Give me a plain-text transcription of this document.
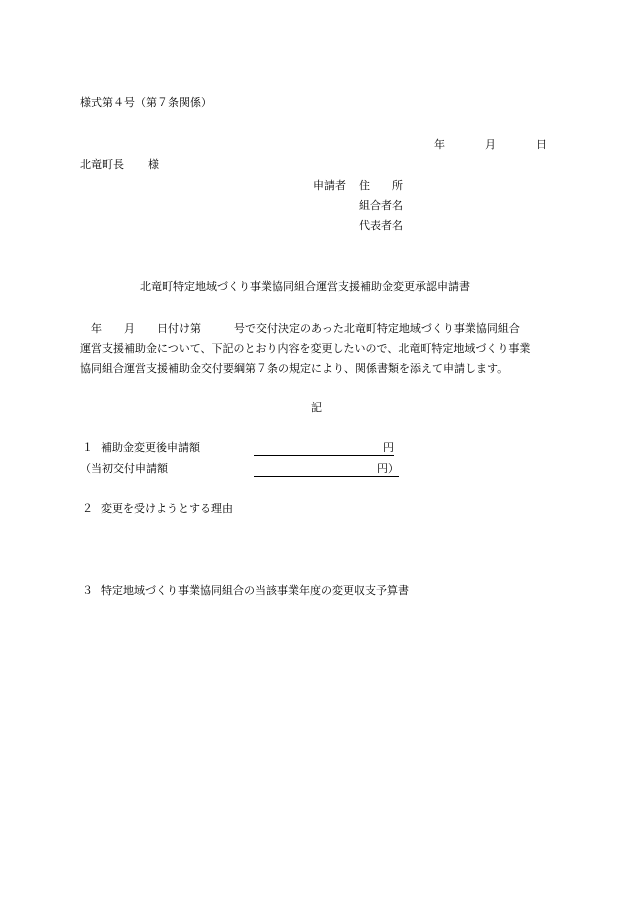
様式第４号（第７条関係）
年	月	日
北竜町長 様
申請者 住　　所
組合者名
代表者名
北竜町特定地域づくり事業協同組合運営支援補助金変更承認申請書
　年　　月　　日付け第　　　号で交付決定のあった北竜町特定地域づくり事業協同組合
運営支援補助金について、下記のとおり内容を変更したいので、北竜町特定地域づくり事業
協同組合運営支援補助金交付要綱第７条の規定により、関係書類を添えて申請します。
記
１ 補助金変更後申請額	円
（当初交付申請額	円）
２ 変更を受けようとする理由
３ 特定地域づくり事業協同組合の当該事業年度の変更収支予算書
